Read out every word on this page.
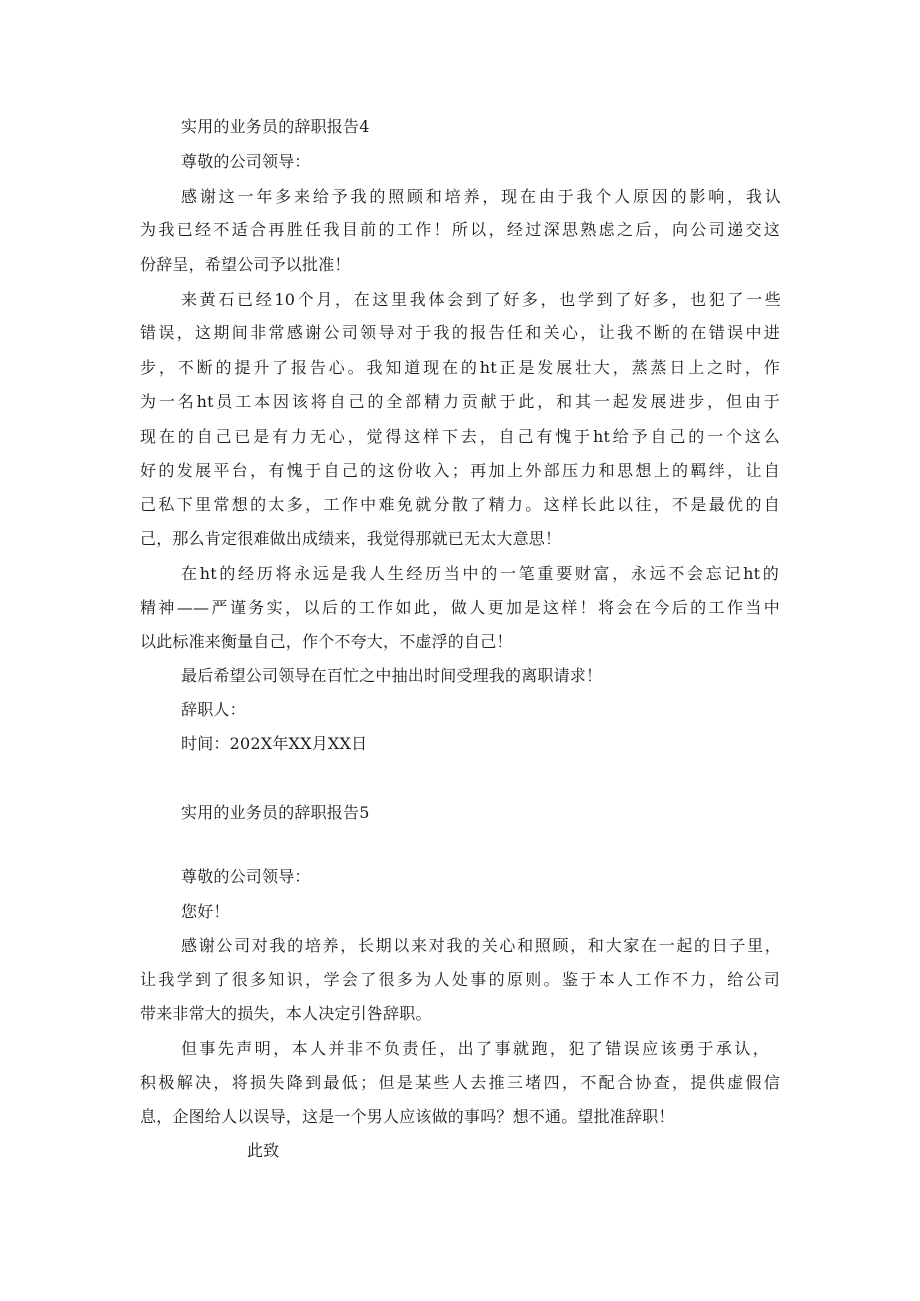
实用的业务员的辞职报告4
尊敬的公司领导：
感谢这一年多来给予我的照顾和培养，现在由于我个人原因的影响，我认
为我已经不适合再胜任我目前的工作！所以，经过深思熟虑之后，向公司递交这
份辞呈，希望公司予以批准！
来黄石已经10个月，在这里我体会到了好多，也学到了好多，也犯了一些
错误，这期间非常感谢公司领导对于我的报告任和关心，让我不断的在错误中进
步，不断的提升了报告心。我知道现在的ht正是发展壮大，蒸蒸日上之时，作
为一名ht员工本因该将自己的全部精力贡献于此，和其一起发展进步，但由于
现在的自己已是有力无心，觉得这样下去，自己有愧于ht给予自己的一个这么
好的发展平台，有愧于自己的这份收入；再加上外部压力和思想上的羁绊，让自
己私下里常想的太多，工作中难免就分散了精力。这样长此以往，不是最优的自
己，那么肯定很难做出成绩来，我觉得那就已无太大意思！
在ht的经历将永远是我人生经历当中的一笔重要财富，永远不会忘记ht的
精神——严谨务实，以后的工作如此，做人更加是这样！将会在今后的工作当中
以此标准来衡量自己，作个不夸大，不虚浮的自己！
最后希望公司领导在百忙之中抽出时间受理我的离职请求！
辞职人：
时间：202X年XX月XX日
实用的业务员的辞职报告5
尊敬的公司领导：
您好！
感谢公司对我的培养，长期以来对我的关心和照顾，和大家在一起的日子里，
让我学到了很多知识，学会了很多为人处事的原则。鉴于本人工作不力，给公司
带来非常大的损失，本人决定引咎辞职。
但事先声明，本人并非不负责任，出了事就跑，犯了错误应该勇于承认，
积极解决，将损失降到最低；但是某些人去推三堵四，不配合协查，提供虚假信
息，企图给人以误导，这是一个男人应该做的事吗？想不通。望批准辞职！
此致
